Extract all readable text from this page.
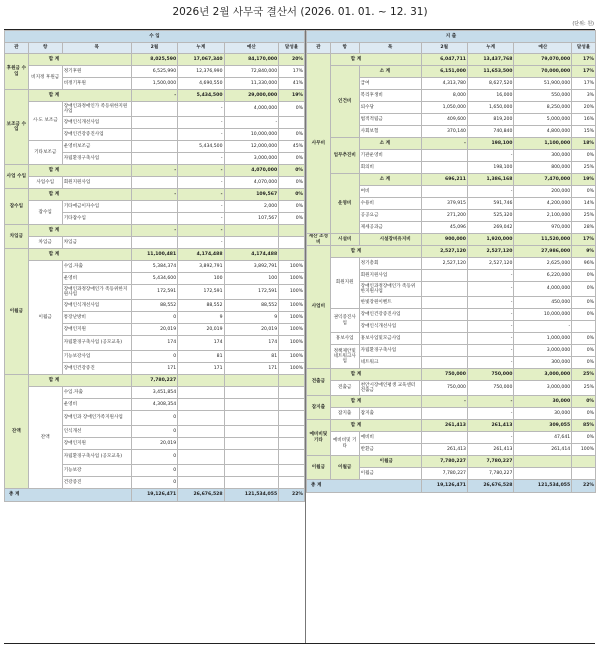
2026년 2월 사무국 결산서 (2026. 01. 01. ~ 12. 31)
(단위: 원)
수 입						
관	항	목	2월	누계	예산	달성율
후원금 수입	합 계		8,025,590	17,067,340	84,170,000	20%
	비지정 후원금	정기후원	6,525,990	12,376,990	72,840,000	17%
		비정기후원	1,500,000	4,690,550	11,330,000	41%
보조금 수입	합 계		-	5,434,500	29,000,000	19%
	시·도 보조금	장애인과정애인가 족등위한지원사업		-	4,000,000	0%
		장애인식개선사업		-	-	
		장애인건강증진사업		-	10,000,000	0%
	기타보조금	운영비보조금		5,434,500	12,000,000	45%
		자립환경구축사업		-	3,000,000	0%
사업 수입	합 계		-	-	4,070,000	0%
	사업수입	회원지원사업		-	4,070,000	0%
잡수입	합 계		-	-	109,567	0%
	잡수입	기타예금이자수입		-	2,000	0%
		기타잡수입		-	107,567	0%
차입금	합 계		-	-		
	차입금	차입금		-		
이월금	합 계		11,100,481	4,174,488	4,174,488	
	이월금	수입.자출	5,384,374	3,892,791	3,892,791	100%
		운영비	5,434,600	100	100	100%
		장애인과정장애인가 족등위한지원사업	172,591	172,591	172,591	100%
		장애인식개선사업	88,552	88,552	88,552	100%
		통장난방비	0	9	9	100%
		장애인지원	20,019	20,019	20,019	100%
		자립환경구축사업 (공모교육)	174	174	174	100%
		기능보강사업	0	81	81	100%
		장애인건강증진	171	171	171	100%
잔액	합 계		7,780,227			
	잔액	수입.자출	3,451,854			
		운영비	4,308,354			
		장애인과 장애인가족지원사업	0			
		인식개선	0			
		장애인지원	20,019			
		자립환경구축사업 (공모교육)	0			
		기능보강	0			
		건강증진	0			
총 계			19,126,471	26,676,528	121,534,055	22%
지 출						
관	항	목	2월	누계	예산	달성율
사무비	합 계		6,047,711	13,437,768	79,070,000	17%
	인건비	소 계	6,151,000	11,653,500	70,000,000	17%
		급여	4,313,780	8,627,520	51,900,000	17%
		복리후생비	8,000	16,000	550,000	3%
		퇴수당	1,050,000	1,650,000	8,250,000	20%
		법적적립금	409,600	819,200	5,000,000	16%
		사회보험	370,140	740,840	4,800,000	15%
	업무추진비	소 계	-	198,100	1,100,000	18%
		기관운영비		-	300,000	0%
		회의비		198,100	800,000	25%
	운영비	소 계	696,211	1,386,168	7,470,000	19%
		여비		-	200,000	0%
		수용비	379,915	591,746	4,200,000	14%
		공공요금	271,200	525,320	2,100,000	25%
		제세공과금	45,096	269,042	970,000	28%
재산 조성비	시설비	시설장비유지비	900,000	1,920,000	11,520,000	17%
사업비	합 계		2,527,120	2,527,120	27,986,000	9%
	회원지원	정기총회	2,527,120	2,527,120	2,625,000	96%
		회원지원사업		-	6,220,000	0%
		장애인과정장애인가 족등위한지원사업		-	4,000,000	0%
		한빛장원이벤트		-	450,000	0%
	권익증진사업	장애인건강증진사업		-	10,000,000	0%
		장애인식개선사업		-	-	
	홍보사업	홍보사업및모금사업		-	1,000,000	0%
	정책제안및 네트워크사업	자립환경구축사업		-	3,000,000	0%
		네트워크		-	300,000	0%
전출금	합 계		750,000	750,000	3,000,000	25%
	전출금	천안시장애인평생 교육센터전출금	750,000	750,000	3,000,000	25%
잡지출	합 계		-	-	30,000	0%
	잡지출	잡지출		-	30,000	0%
예비비및 기타	합 계		261,413	261,413	309,055	85%
	예비비및 기타	예비비		-	47,641	0%
		반환금	261,413	261,413	261,414	100%
이월금	이월금	이월금	7,780,227	7,780,227		
		이월금	7,780,227	7,780,227		
총 계			19,126,471	26,676,528	121,534,055	22%
